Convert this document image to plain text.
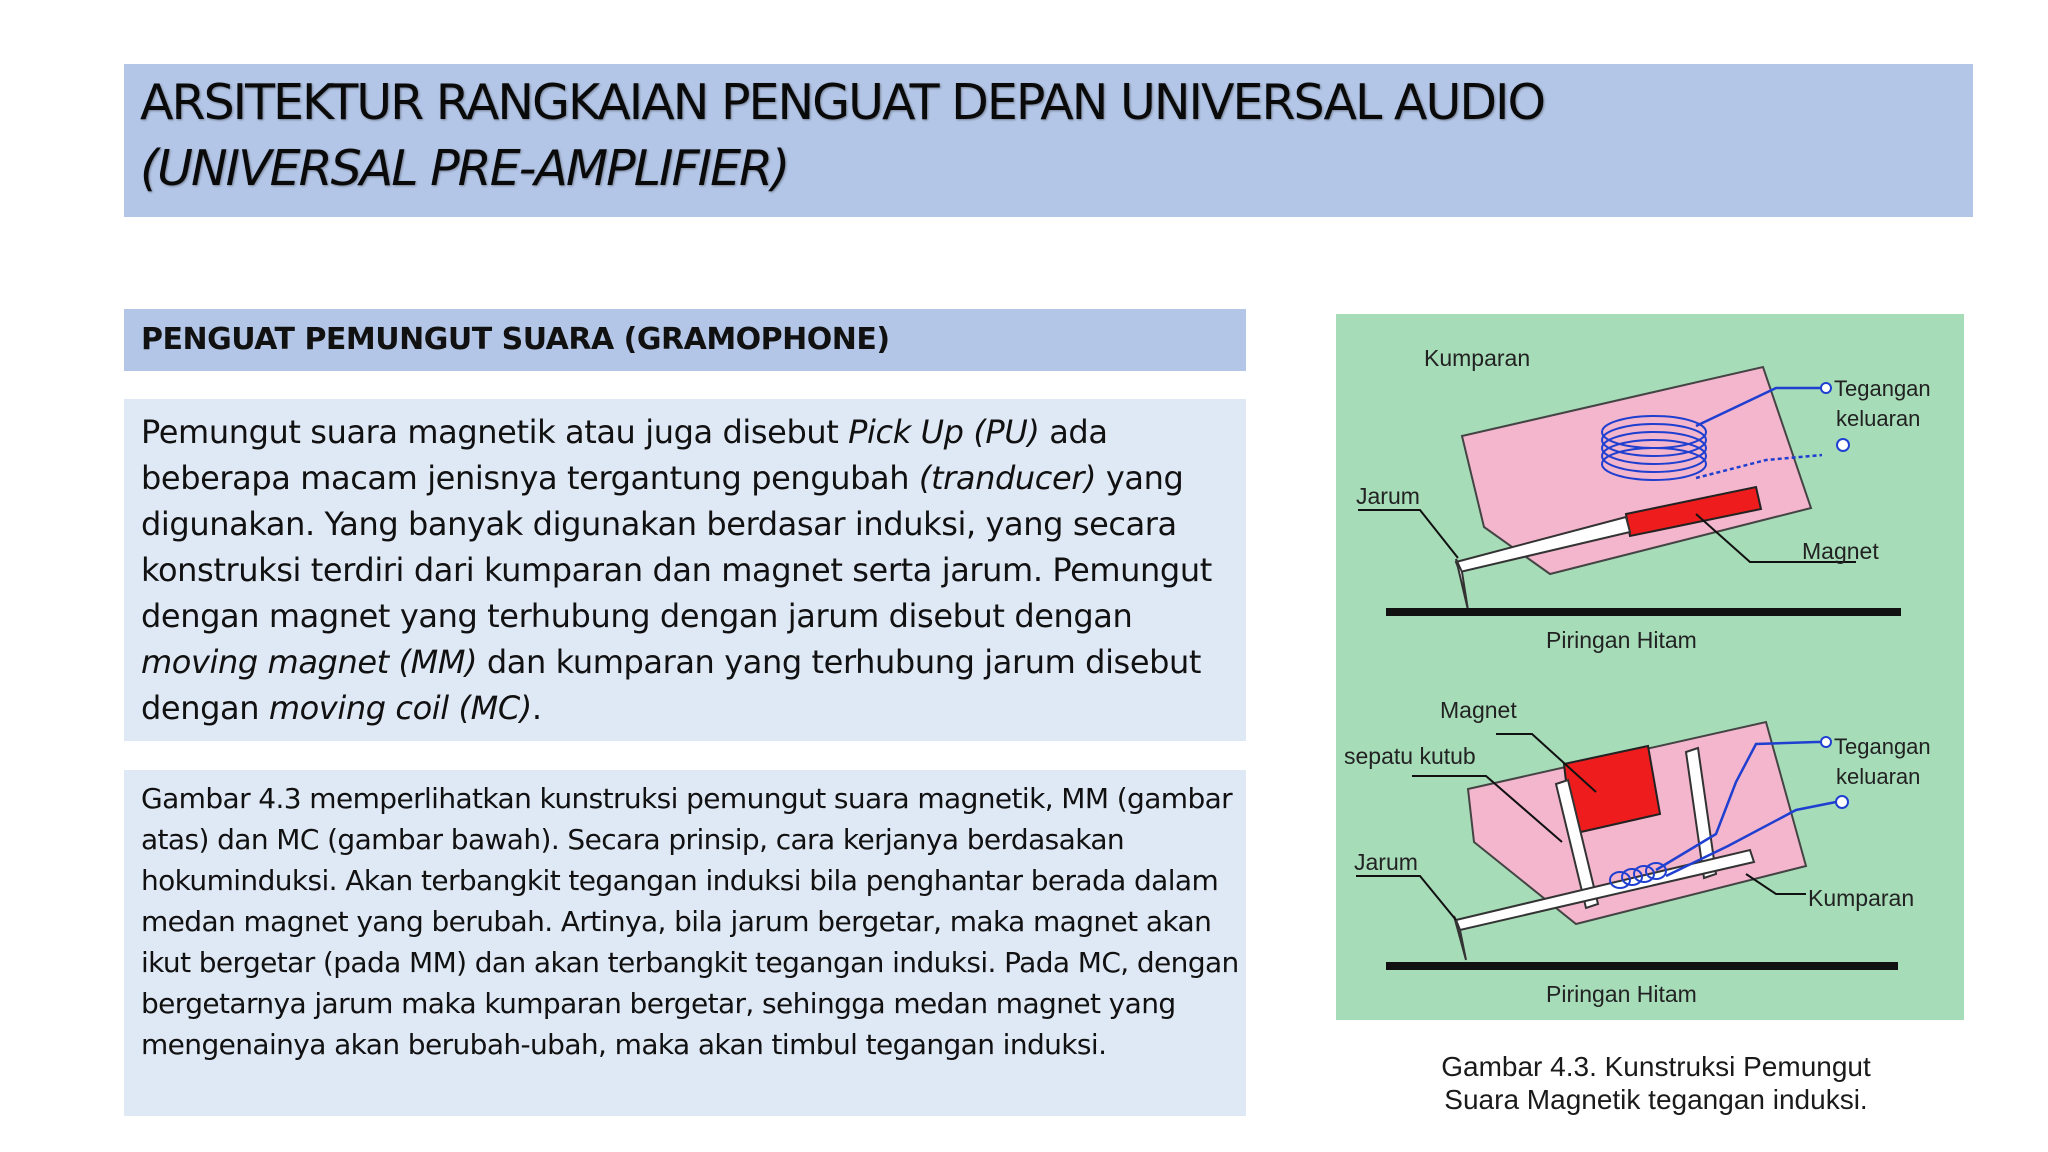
ARSITEKTUR RANGKAIAN PENGUAT DEPAN UNIVERSAL AUDIO
(UNIVERSAL PRE-AMPLIFIER)
PENGUAT PEMUNGUT SUARA (GRAMOPHONE)
Pemungut suara magnetik atau juga disebut Pick Up (PU) ada beberapa macam jenisnya tergantung pengubah (tranducer) yang digunakan. Yang banyak digunakan berdasar induksi, yang secara konstruksi terdiri dari kumparan dan magnet serta jarum. Pemungut dengan magnet yang terhubung dengan jarum disebut dengan moving magnet (MM) dan kumparan yang terhubung jarum disebut dengan moving coil (MC).
Gambar 4.3 memperlihatkan kunstruksi pemungut suara magnetik, MM (gambar atas) dan MC (gambar bawah). Secara prinsip, cara kerjanya berdasakan hokuminduksi. Akan terbangkit tegangan induksi bila penghantar berada dalam medan magnet yang berubah. Artinya, bila jarum bergetar, maka magnet akan ikut bergetar (pada MM) dan akan terbangkit tegangan induksi. Pada MC, dengan bergetarnya jarum maka kumparan bergetar, sehingga medan magnet yang mengenainya akan berubah-ubah, maka akan timbul tegangan induksi.
Kumparan
Tegangan
keluaran
Jarum
Magnet
Piringan Hitam
Magnet
sepatu kutub	Tegangan
keluaran
Jarum
Kumparan
Piringan Hitam
Gambar 4.3. Kunstruksi Pemungut
Suara Magnetik tegangan induksi.
